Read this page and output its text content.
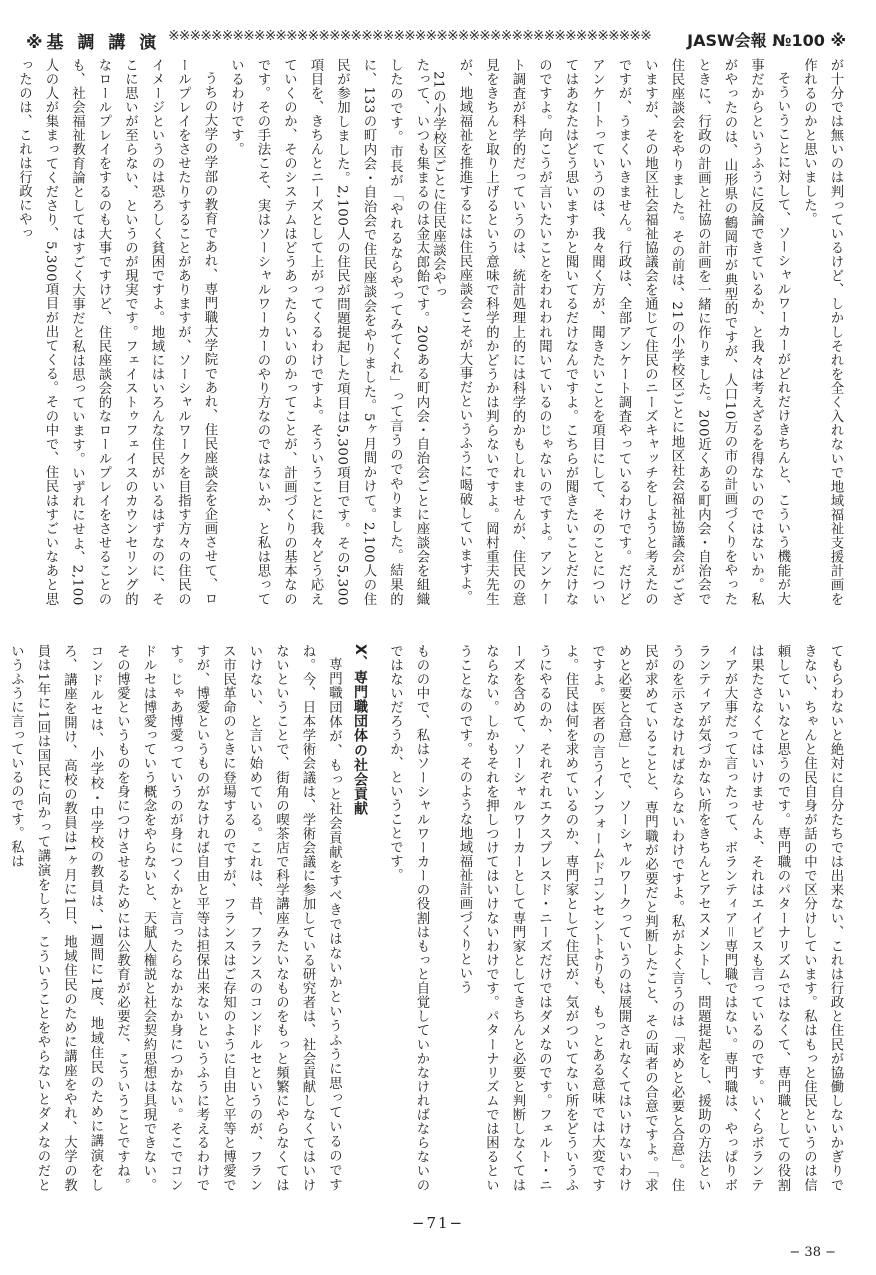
※基 調 講 演 ※※※※※※※※※※※※※※※※※※※※※※※※※※※※※※※※※※※※※※※※※※※※※	JASW会報 №100 ※

が十分では無いのは判っているけど、しかしそれを全く入れないで地域福祉支援計画を作れるのかと思いました。

そういうことに対して、ソーシャルワーカーがどれだけきちんと、こういう機能が大事だからというふうに反論できているか、と我々は考えざるを得ないのではないか。私がやったのは、山形県の鶴岡市が典型的ですが、人口10万の市の計画づくりをやったときに、行政の計画と社協の計画を一緒に作りました。200近くある町内会・自治会で住民座談会をやりました。その前は、21の小学校区ごとに地区社会福祉協議会がございますが、その地区社会福祉協議会を通じて住民のニーズキャッチをしようと考えたのですが、うまくいきません。行政は、全部アンケート調査やっているわけです。だけどアンケートっていうのは、我々聞く方が、聞きたいことを項目にして、そのことについてはあなたはどう思いますかと聞いてるだけなんですよ。こちらが聞きたいことだけなのですよ。向こうが言いたいことをわれわれ聞いているのじゃないのですよ。アンケート調査が科学的だっていうのは、統計処理上的には科学的かもしれませんが、住民の意見をきちんと取り上げるという意味で科学的かどうかは判らないですよ。岡村重夫先生が、地域福祉を推進するには住民座談会こそが大事だというふうに喝破していますよ。

21の小学校区ごとに住民座談会やっ

たって、いつも集まるのは金太郎飴です。200ある町内会・自治会ごとに座談会を組織したのです。市長が「やれるならやってみてくれ」って言うのでやりました。結果的に、133の町内会・自治会で住民座談会をやりました。5ヶ月間かけて。2,100人の住民が参加しました。2,100人の住民が問題提起した項目は5,300項目です。その5,300項目を、きちんとニーズとして上がってくるわけですよ。そういうことに我々どう応えていくのか、そのシステムはどうあったらいいのかってことが、計画づくりの基本なのです。その手法こそ、実はソーシャルワーカーのやり方なのではないか、と私は思っているわけです。

うちの大学の学部の教育であれ、専門職大学院であれ、住民座談会を企画させて、ロールプレイをさせたりすることがありますが、ソーシャルワークを目指す方々の住民のイメージというのは恐ろしく貧困ですよ。地域にはいろんな住民がいるはずなのに、そこに思いが至らない、というのが現実です。フェイストゥフェイスのカウンセリング的なロールプレイをするのも大事ですけど、住民座談会的なロールプレイをさせることのも、社会福祉教育論としてはすごく大事だと私は思っています。いずれにせよ、2,100人の人が集まってくださり、5,300項目が出てくる。その中で、住民はすごいなあと思ったのは、これは行政にやっ

てもらわないと絶対に自分たちでは出来ない、これは行政と住民が協働しないかぎりできない、ちゃんと住民自身が話の中で区分けしています。私はもっと住民というのは信頼していいなと思うのです。専門職のパターナリズムではなくて、専門職としての役割は果たさなくてはいけませんよ、それはエイビスも言っているのです。いくらボランティアが大事だって言ったって、ボランティア＝専門職ではない。専門職は、やっぱりボランティアが気づかない所をきちんとアセスメントし、問題提起をし、援助の方法というのを示さなければならないわけですよ。私がよく言うのは「求めと必要と合意」。住民が求めていることと、専門職が必要だと判断したこと、その両者の合意ですよ。「求めと必要と合意」とで、ソーシャルワークっていうのは展開されなくてはいけないわけですよ。医者の言うインフォームドコンセントよりも、もっとある意味では大変ですよ。住民は何を求めているのか、専門家として住民が、気がついてない所をどういうふうにやるのか、それぞれエクスプレスド・ニーズだけではダメなのです。フェルト・ニーズを含めて、ソーシャルワーカーとして専門家としてきちんと必要と判断しなくてはならない。しかもそれを押しつけてはいけないわけです。パターナリズムでは困るということなのです。そのような地域福祉計画づくりという

ものの中で、私はソーシャルワーカーの役割はもっと自覚していかなければならないのではないだろうか、ということです。

X、専門職団体の社会貢献

専門職団体が、もっと社会貢献をすべきではないかというふうに思っているのですね。今、日本学術会議は、学術会議に参加している研究者は、社会貢献しなくてはいけないということで、街角の喫茶店で科学講座みたいなものをもっと頻繁にやらなくてはいけない、と言い始めている。これは、昔、フランスのコンドルセというのが、フランス市民革命のときに登場するのですが、フランスはご存知のように自由と平等と博愛ですが、博愛というものがなければ自由と平等は担保出来ないというふうに考えるわけです。じゃあ博愛っていうのが身につくかと言ったらなかなか身につかない。そこでコンドルセは博愛っていう概念をやらないと、天賦人権説と社会契約思想は具現できない。その博愛というものを身につけさせるためには公教育が必要だ、こういうことですね。コンドルセは、小学校・中学校の教員は、1週間に1度、地域住民のために講演をしろ、講座を開け、高校の教員は1ヶ月に1日、地域住民のために講座をやれ、大学の教員は1年に1回は国民に向かって講演をしろ、こういうことをやらないとダメなのだというふうに言っているのです。私は

−71−
− 38 −
